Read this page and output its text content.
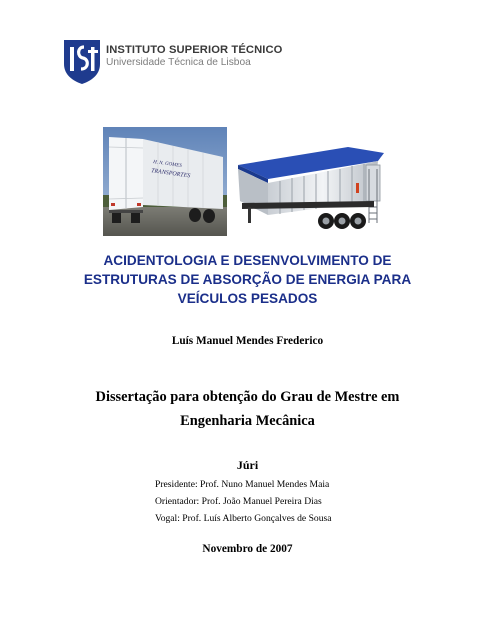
INSTITUTO SUPERIOR TÉCNICO
Universidade Técnica de Lisboa
H. N. GOMES
TRANSPORTES
ACIDENTOLOGIA E DESENVOLVIMENTO DE
ESTRUTURAS DE ABSORÇÃO DE ENERGIA PARA
VEÍCULOS PESADOS
Luís Manuel Mendes Frederico
Dissertação para obtenção do Grau de Mestre em
Engenharia Mecânica
Júri
Presidente: Prof. Nuno Manuel Mendes Maia
Orientador: Prof. João Manuel Pereira Dias
Vogal: Prof. Luís Alberto Gonçalves de Sousa
Novembro de 2007
